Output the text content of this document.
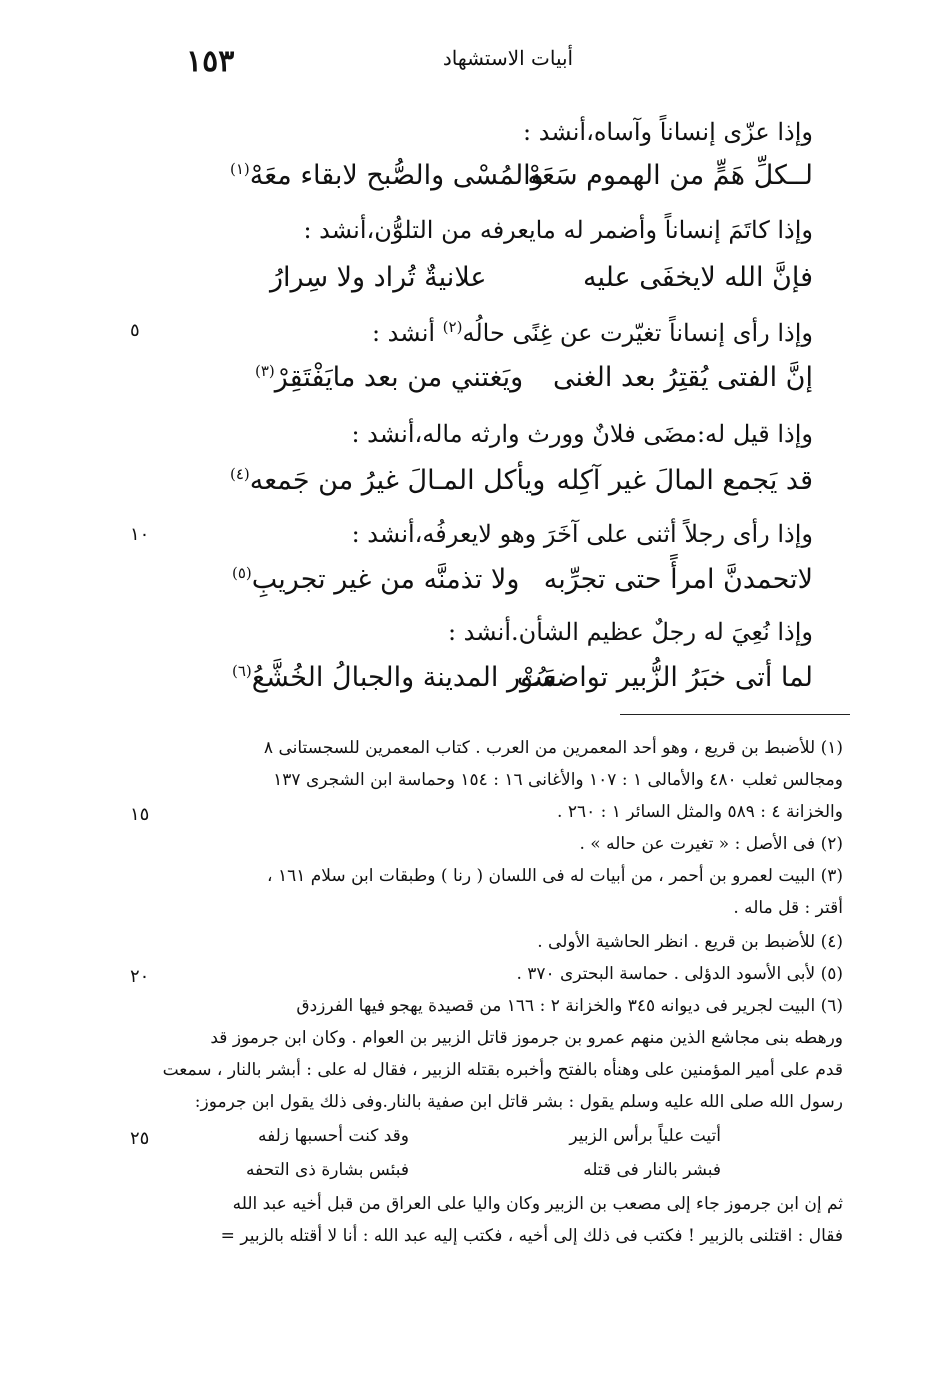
١٥٣	أبيات الاستشهاد
وإذا عزّى إنساناً وآساه،أنشد :
لــكلِّ هَمٍّ من الهموم سَعَهْ
والمُسْى والصُّبح لابقاء معَهْ$^{(١)}$
وإذا كاتَمَ إنساناً وأضمر له مايعرفه من التلوُّن،أنشد :
فإنَّ الله لايخفَى عليه
علانيةٌ تُراد ولا سِرارُ
وإذا رأى إنساناً تغيّرت عن غِنًى حالُه$^{(٢)}$ أنشد :
٥
إنَّ الفتى يُقتِرُ بعد الغنى
ويَغتني من بعد مايَفْتَقِرْ$^{(٣)}$
وإذا قيل له:مضَى فلانٌ وورث وارثه ماله،أنشد :
قد يَجمع المالَ غير آكِله
ويأكل المـالَ غيرُ من جَمعه$^{(٤)}$
وإذا رأى رجلاً أثنى على آخَرَ وهو لايعرفُه،أنشد :
١٠
لاتحمدنَّ امرأً حتى تجرِّبه
ولا تذمنَّه من غير تجريبِ$^{(٥)}$
وإذا نُعِيَ له رجلٌ عظيم الشأن.أنشد :
لما أتى خبَرُ الزُّبير تواضعَتْ
سُور المدينة والجبالُ الخُشَّعُ$^{(٦)}$
(١) للأضبط بن قريع ، وهو أحد المعمرين من العرب . كتاب المعمرين للسجستانى ٨
ومجالس ثعلب ٤٨٠ والأمالى ١ : ١٠٧ والأغانى ١٦ : ١٥٤ وحماسة ابن الشجرى ١٣٧
والخزانة ٤ : ٥٨٩ والمثل السائر ١ : ٢٦٠ .
١٥
(٢) فى الأصل : « تغيرت عن حاله » .
(٣) البيت لعمرو بن أحمر ، من أبيات له فى اللسان ( رنا ) وطبقات ابن سلام ١٦١ ،
أقتر : قل ماله .
(٤) للأضبط بن قريع . انظر الحاشية الأولى .
(٥) لأبى الأسود الدؤلى . حماسة البحترى ٣٧٠ .
٢٠
(٦) البيت لجرير فى ديوانه ٣٤٥ والخزانة ٢ : ١٦٦ من قصيدة يهجو فيها الفرزدق
ورهطه بنى مجاشع الذين منهم عمرو بن جرموز قاتل الزبير بن العوام . وكان ابن جرموز قد
قدم على أمير المؤمنين على وهنأه بالفتح وأخبره بقتله الزبير ، فقال له على : أبشر بالنار ، سمعت
رسول الله صلى الله عليه وسلم يقول : بشر قاتل ابن صفية بالنار.وفى ذلك يقول ابن جرموز:
أتيت علياً برأس الزبير
وقد كنت أحسبها زلفه
٢٥
فبشر بالنار فى قتله
فبئس بشارة ذى التحفه
ثم إن ابن جرموز جاء إلى مصعب بن الزبير وكان واليا على العراق من قبل أخيه عبد الله
فقال : اقتلنى بالزبير ! فكتب فى ذلك إلى أخيه ، فكتب إليه عبد الله : أنا لا أقتله بالزبير =
